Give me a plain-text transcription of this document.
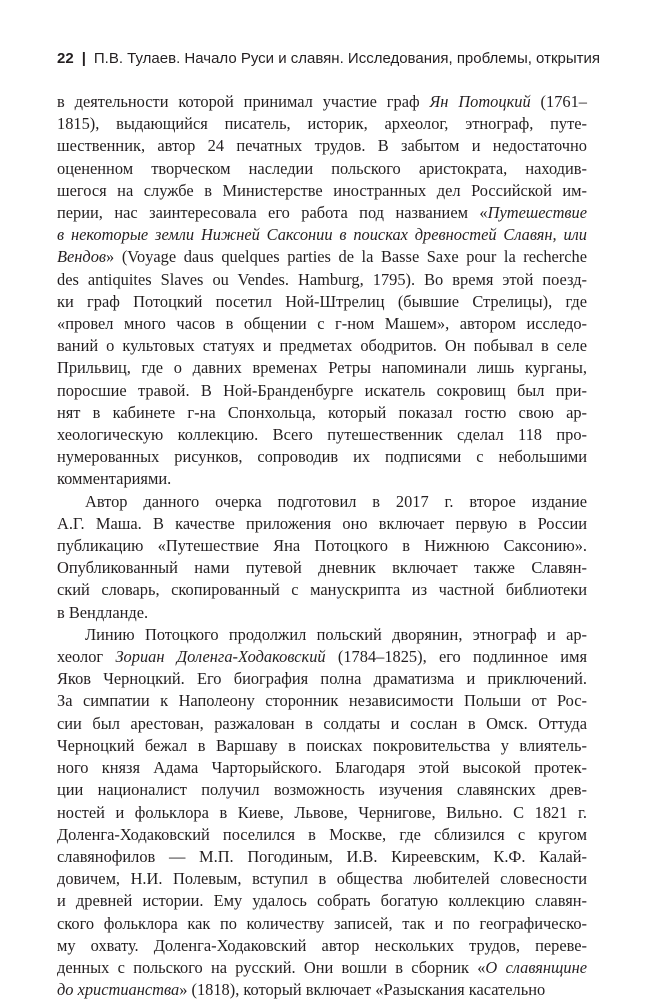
22 | П.В. Тулаев. Начало Руси и славян. Исследования, проблемы, открытия
в деятельности которой принимал участие граф Ян Потоцкий (1761–
1815), выдающийся писатель, историк, археолог, этнограф, путе-
шественник, автор 24 печатных трудов. В забытом и недостаточно
оцененном творческом наследии польского аристократа, находив-
шегося на службе в Министерстве иностранных дел Российской им-
перии, нас заинтересовала его работа под названием «Путешествие
в некоторые земли Нижней Саксонии в поисках древностей Славян, или
Вендов» (Voyage daus quelques parties de la Basse Saxe pour la recherche
des antiquites Slaves ou Vendes. Hamburg, 1795). Во время этой поезд-
ки граф Потоцкий посетил Ной-Штрелиц (бывшие Стрелицы), где
«провел много часов в общении с г-ном Машем», автором исследо-
ваний о культовых статуях и предметах ободритов. Он побывал в селе
Прильвиц, где о давних временах Ретры напоминали лишь курганы,
поросшие травой. В Ной-Бранденбурге искатель сокровищ был при-
нят в кабинете г-на Спонхольца, который показал гостю свою ар-
хеологическую коллекцию. Всего путешественник сделал 118 про-
нумерованных рисунков, сопроводив их подписями с небольшими
комментариями.
Автор данного очерка подготовил в 2017 г. второе издание
А.Г. Маша. В качестве приложения оно включает первую в России
публикацию «Путешествие Яна Потоцкого в Нижнюю Саксонию».
Опубликованный нами путевой дневник включает также Славян-
ский словарь, скопированный с манускрипта из частной библиотеки
в Вендланде.
Линию Потоцкого продолжил польский дворянин, этнограф и ар-
хеолог Зориан Доленга-Ходаковский (1784–1825), его подлинное имя
Яков Черноцкий. Его биография полна драматизма и приключений.
За симпатии к Наполеону сторонник независимости Польши от Рос-
сии был арестован, разжалован в солдаты и сослан в Омск. Оттуда
Черноцкий бежал в Варшаву в поисках покровительства у влиятель-
ного князя Адама Чарторыйского. Благодаря этой высокой протек-
ции националист получил возможность изучения славянских древ-
ностей и фольклора в Киеве, Львове, Чернигове, Вильно. С 1821 г.
Доленга-Ходаковский поселился в Москве, где сблизился с кругом
славянофилов — М.П. Погодиным, И.В. Киреевским, К.Ф. Калай-
довичем, Н.И. Полевым, вступил в общества любителей словесности
и древней истории. Ему удалось собрать богатую коллекцию славян-
ского фольклора как по количеству записей, так и по географическо-
му охвату. Доленга-Ходаковский автор нескольких трудов, переве-
денных с польского на русский. Они вошли в сборник «О славянщине
до христианства» (1818), который включает «Разыскания касательно
